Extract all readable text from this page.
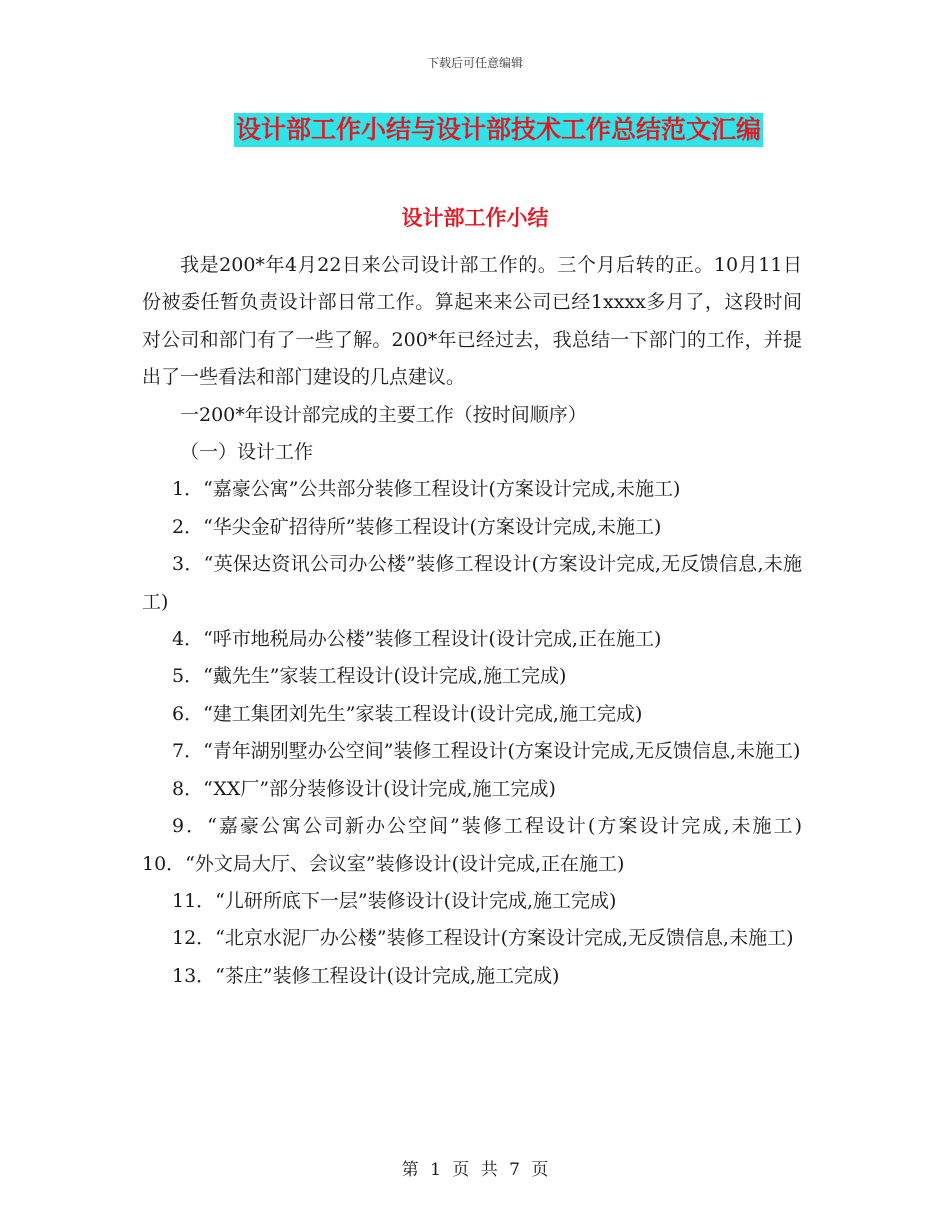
下载后可任意编辑
设计部工作小结与设计部技术工作总结范文汇编
设计部工作小结

我是200*年4月22日来公司设计部工作的。三个月后转的正。10月11日份被委任暂负责设计部日常工作。算起来来公司已经1xxxx多月了，这段时间对公司和部门有了一些了解。200*年已经过去，我总结一下部门的工作，并提出了一些看法和部门建设的几点建议。

一200*年设计部完成的主要工作（按时间顺序）

（一）设计工作

1．“嘉豪公寓”公共部分装修工程设计(方案设计完成,未施工)

2．“华尖金矿招待所”装修工程设计(方案设计完成,未施工)

3．“英保达资讯公司办公楼”装修工程设计(方案设计完成,无反馈信息,未施工)

4．“呼市地税局办公楼”装修工程设计(设计完成,正在施工)

5．“戴先生”家装工程设计(设计完成,施工完成)

6．“建工集团刘先生”家装工程设计(设计完成,施工完成)

7．“青年湖别墅办公空间”装修工程设计(方案设计完成,无反馈信息,未施工)

8．“XX厂”部分装修设计(设计完成,施工完成)

9．“嘉豪公寓公司新办公空间”装修工程设计(方案设计完成,未施工)　　10．“外文局大厅、会议室”装修设计(设计完成,正在施工)

11．“儿研所底下一层”装修设计(设计完成,施工完成)

12．“北京水泥厂办公楼”装修工程设计(方案设计完成,无反馈信息,未施工)

13．“茶庄”装修工程设计(设计完成,施工完成)

第 1 页 共 7 页
